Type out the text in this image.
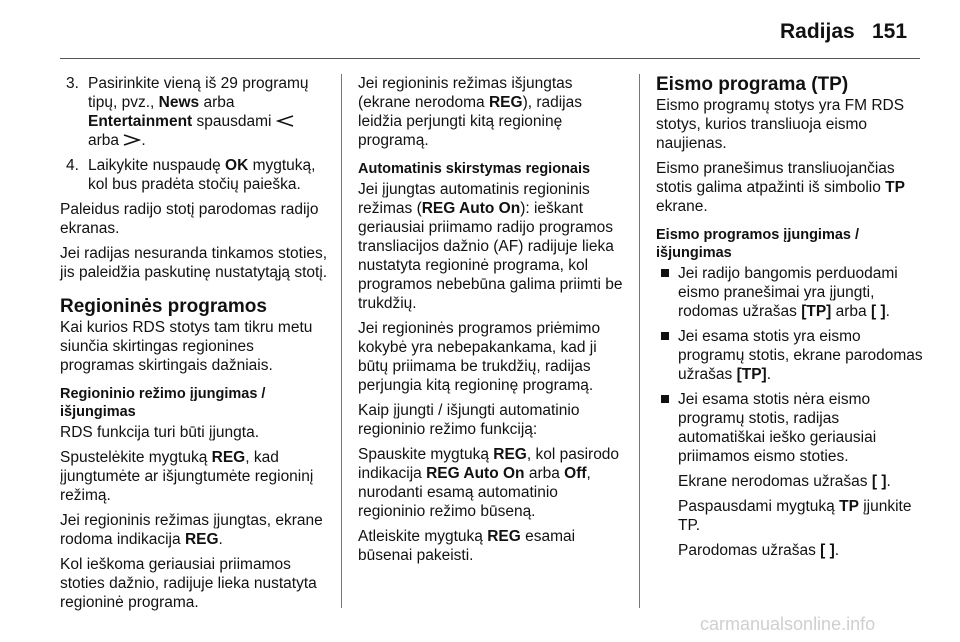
Radijas 151
3. Pasirinkite vieną iš 29 programų tipų, pvz., News arba Entertainment spausdami
arba .
4. Laikykite nuspaudę OK mygtuką, kol bus pradėta stočių paieška.

Paleidus radijo stotį parodomas radijo ekranas.

Jei radijas nesuranda tinkamos stoties, jis paleidžia paskutinę nustatytąją stotį.

Regioninės programos

Kai kurios RDS stotys tam tikru metu siunčia skirtingas regionines programas skirtingais dažniais.

Regioninio režimo įjungimas / išjungimas

RDS funkcija turi būti įjungta.

Spustelėkite mygtuką REG, kad įjungtumėte ar išjungtumėte regioninį režimą.

Jei regioninis režimas įjungtas, ekrane rodoma indikacija REG.

Kol ieškoma geriausiai priimamos stoties dažnio, radijuje lieka nustatyta regioninė programa.

Jei regioninis režimas išjungtas (ekrane nerodoma REG), radijas leidžia perjungti kitą regioninę programą.

Automatinis skirstymas regionais

Jei įjungtas automatinis regioninis režimas (REG Auto On): ieškant geriausiai priimamo radijo programos transliacijos dažnio (AF) radijuje lieka nustatyta regioninė programa, kol programos nebebūna galima priimti be trukdžių.

Jei regioninės programos priėmimo kokybė yra nebepakankama, kad ji būtų priimama be trukdžių, radijas perjungia kitą regioninę programą.

Kaip įjungti / išjungti automatinio regioninio režimo funkciją:

Spauskite mygtuką REG, kol pasirodo indikacija REG Auto On arba Off, nurodanti esamą automatinio regioninio režimo būseną.

Atleiskite mygtuką REG esamai būsenai pakeisti.

Eismo programa (TP)

Eismo programų stotys yra FM RDS stotys, kurios transliuoja eismo naujienas.

Eismo pranešimus transliuojančias stotis galima atpažinti iš simbolio TP ekrane.

Eismo programos įjungimas / išjungimas
Jei radijo bangomis perduodami eismo pranešimai yra įjungti, rodomas užrašas [TP] arba [ ].
Jei esama stotis yra eismo programų stotis, ekrane parodomas užrašas [TP].
Jei esama stotis nėra eismo programų stotis, radijas automatiškai ieško geriausiai priimamos eismo stoties.

Ekrane nerodomas užrašas [ ].

Paspausdami mygtuką TP įjunkite TP.

Parodomas užrašas [ ].

carmanualsonline.info
